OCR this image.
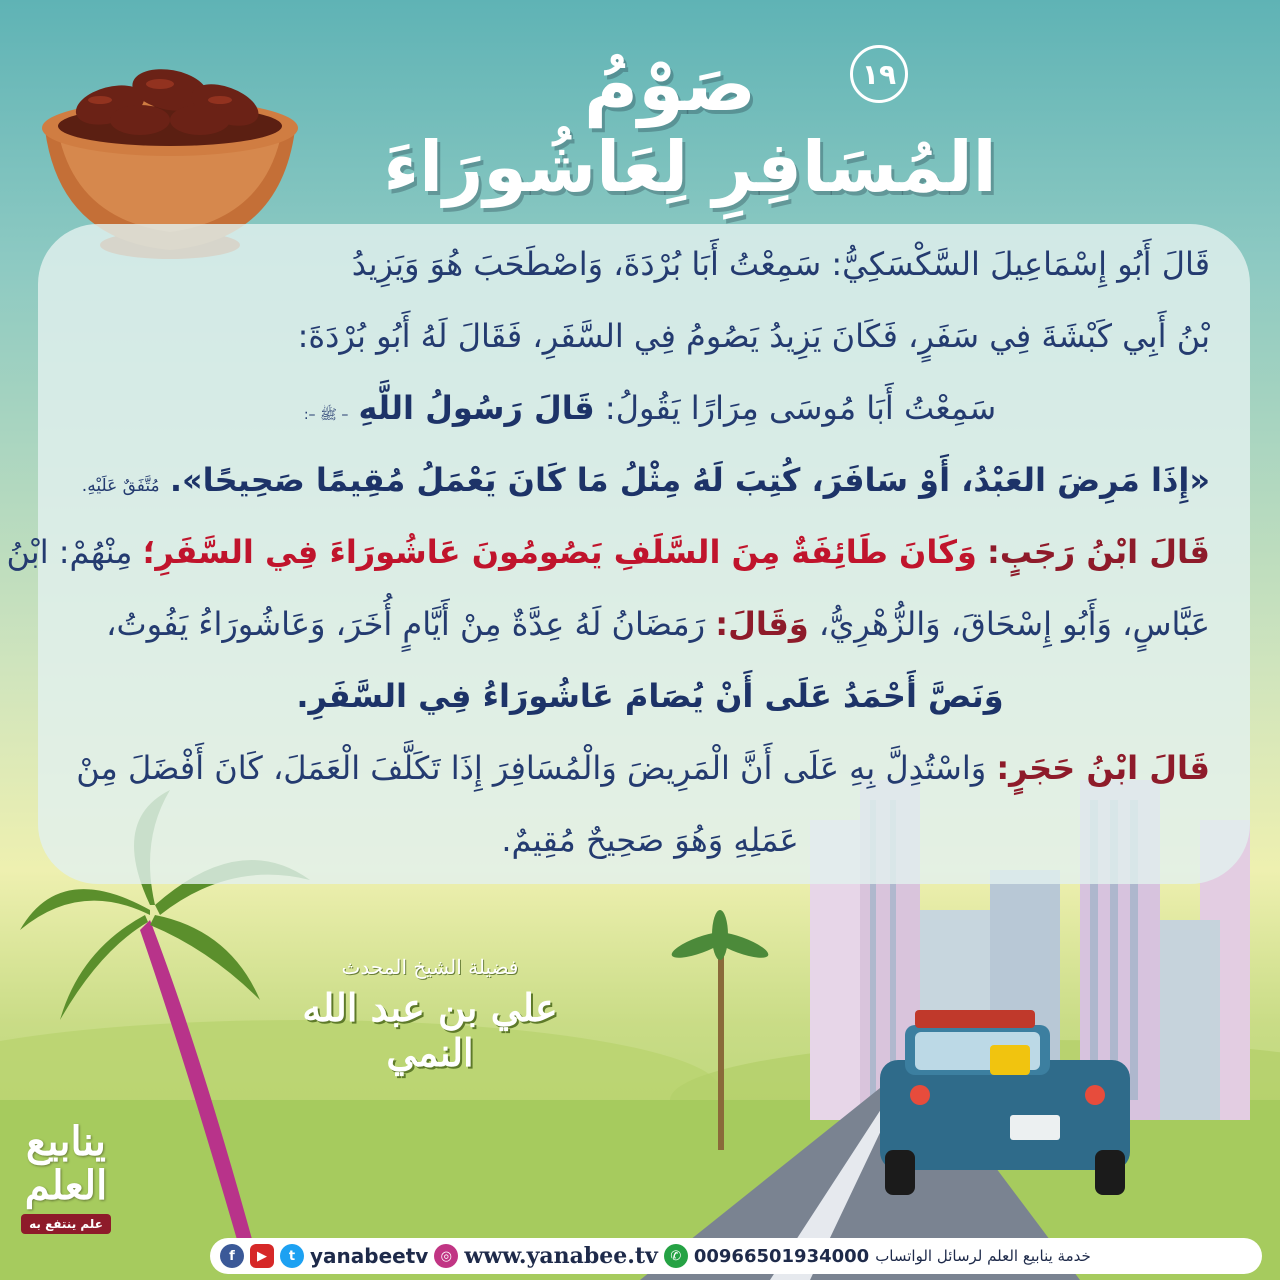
صَوْمُ
المُسَافِرِ لِعَاشُورَاءَ
١٩
قَالَ أَبُو إِسْمَاعِيلَ السَّكْسَكِيُّ: سَمِعْتُ أَبَا بُرْدَةَ، وَاصْطَحَبَ هُوَ وَيَزِيدُ
بْنُ أَبِي كَبْشَةَ فِي سَفَرٍ، فَكَانَ يَزِيدُ يَصُومُ فِي السَّفَرِ، فَقَالَ لَهُ أَبُو بُرْدَةَ:
سَمِعْتُ أَبَا مُوسَى مِرَارًا يَقُولُ: قَالَ رَسُولُ اللَّهِ – ﷺ –:
«إِذَا مَرِضَ العَبْدُ، أَوْ سَافَرَ، كُتِبَ لَهُ مِثْلُ مَا كَانَ يَعْمَلُ مُقِيمًا صَحِيحًا». مُتَّفَقٌ عَلَيْهِ.
قَالَ ابْنُ رَجَبٍ: وَكَانَ طَائِفَةٌ مِنَ السَّلَفِ يَصُومُونَ عَاشُورَاءَ فِي السَّفَرِ؛ مِنْهُمْ: ابْنُ
عَبَّاسٍ، وَأَبُو إِسْحَاقَ، وَالزُّهْرِيُّ، وَقَالَ: رَمَضَانُ لَهُ عِدَّةٌ مِنْ أَيَّامٍ أُخَرَ، وَعَاشُورَاءُ يَفُوتُ،
وَنَصَّ أَحْمَدُ عَلَى أَنْ يُصَامَ عَاشُورَاءُ فِي السَّفَرِ.
قَالَ ابْنُ حَجَرٍ: وَاسْتُدِلَّ بِهِ عَلَى أَنَّ الْمَرِيضَ وَالْمُسَافِرَ إِذَا تَكَلَّفَ الْعَمَلَ، كَانَ أَفْضَلَ مِنْ
عَمَلِهِ وَهُوَ صَحِيحٌ مُقِيمٌ.
فضيلة الشيخ المحدث
علي بن عبد الله النمي
ينابيع العلم
علم ينتفع به
f	▶	t yanabeetv ◎ www.yanabee.tv ✆ 00966501934000 خدمة ينابيع العلم لرسائل الواتساب
